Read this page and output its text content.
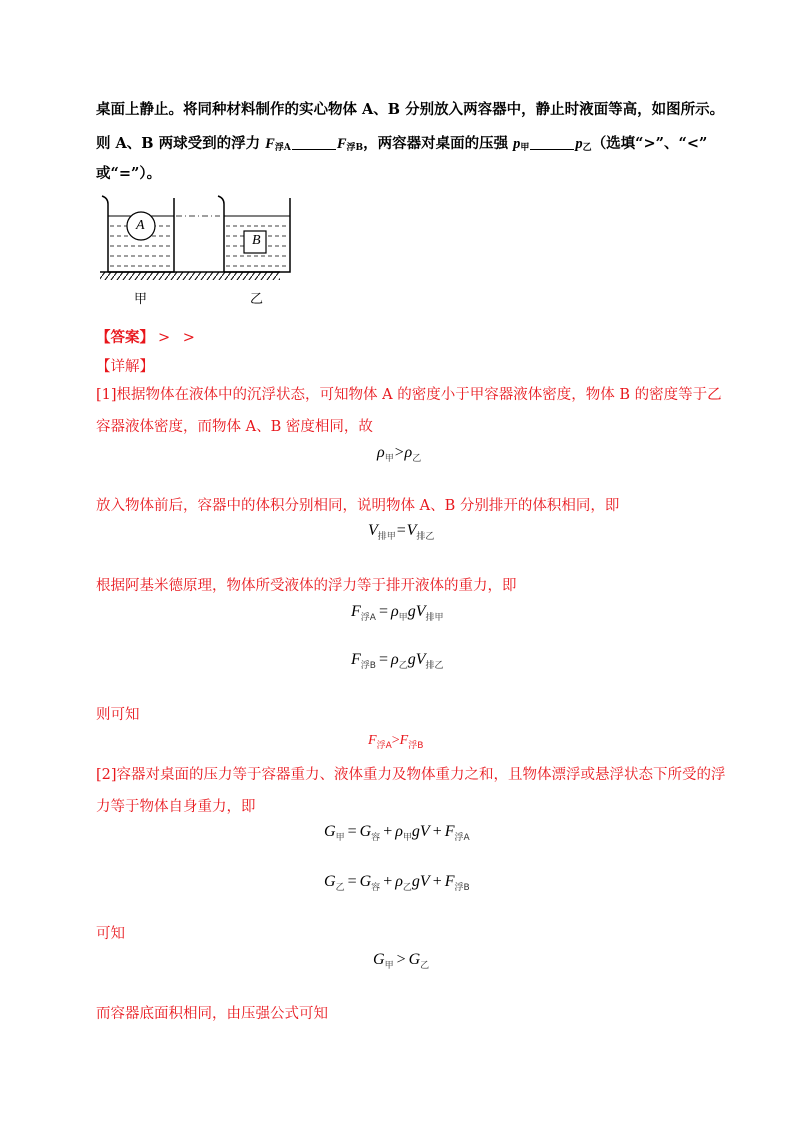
桌面上静止。将同种材料制作的实心物体 A、B 分别放入两容器中，静止时液面等高，如图所示。
则 A、B 两球受到的浮力 $F_{浮A}$	$F_{浮B}$，两容器对桌面的压强 $p_甲$	$p_乙$（选填“>”、“<”
或“=”）。
A
B
甲	乙
【答案】 > >
【详解】
[1]根据物体在液体中的沉浮状态，可知物体 A 的密度小于甲容器液体密度，物体 B 的密度等于乙
容器液体密度，而物体 A、B 密度相同，故
$\rho_甲>\rho_乙$
放入物体前后，容器中的体积分别相同，说明物体 A、B 分别排开的体积相同，即
$V_{排甲}=V_{排乙}$
根据阿基米德原理，物体所受液体的浮力等于排开液体的重力，即
$F_{浮A} = \rho_甲gV_{排甲}$
$F_{浮B} = \rho_乙gV_{排乙}$
则可知
$F_{浮A}>F_{浮B}$
[2]容器对桌面的压力等于容器重力、液体重力及物体重力之和，且物体漂浮或悬浮状态下所受的浮
力等于物体自身重力，即
$G_甲 = G_容 + \rho_甲gV + F_{浮A}$
$G_乙 = G_容 + \rho_乙gV + F_{浮B}$
可知
$G_甲 > G_乙$
而容器底面积相同，由压强公式可知
